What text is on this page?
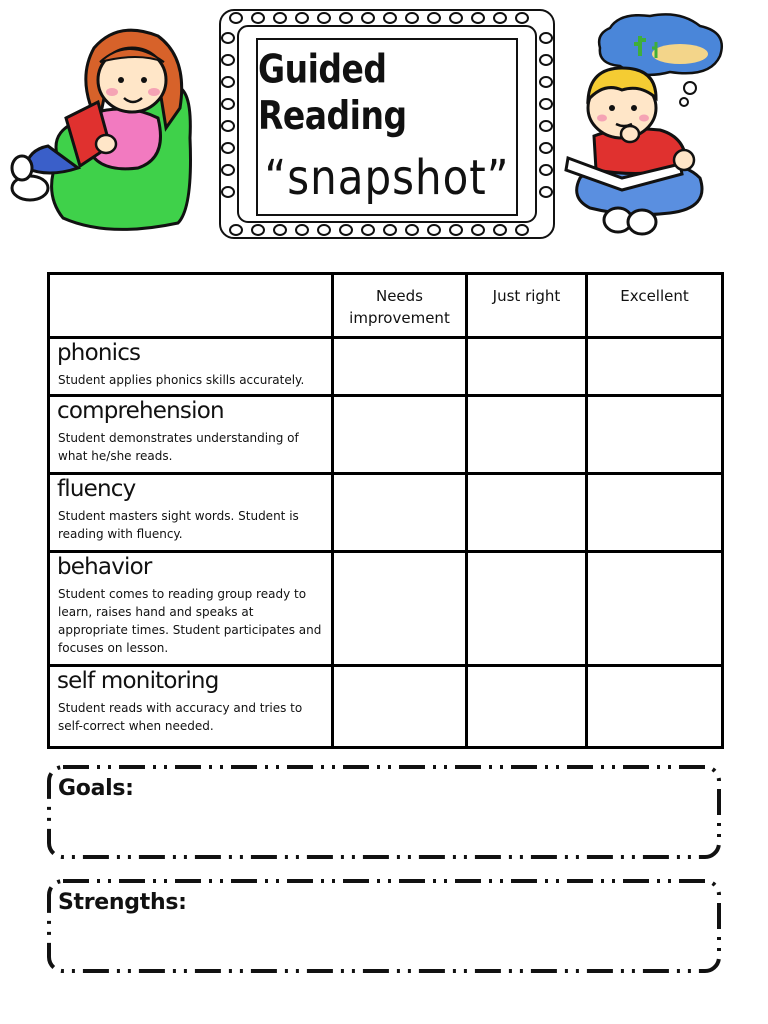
Guided Reading
“snapshot”
	Needs improvement	Just right	Excellent

phonics
Student applies phonics skills accurately.			

comprehension
Student demonstrates understanding of what he/she reads.			

fluency
Student masters sight words. Student is reading with fluency.			

behavior
Student comes to reading group ready to learn, raises hand and speaks at appropriate times. Student participates and focuses on lesson.			

self monitoring
Student reads with accuracy and tries to self-correct when needed.			

Goals:
Strengths:
